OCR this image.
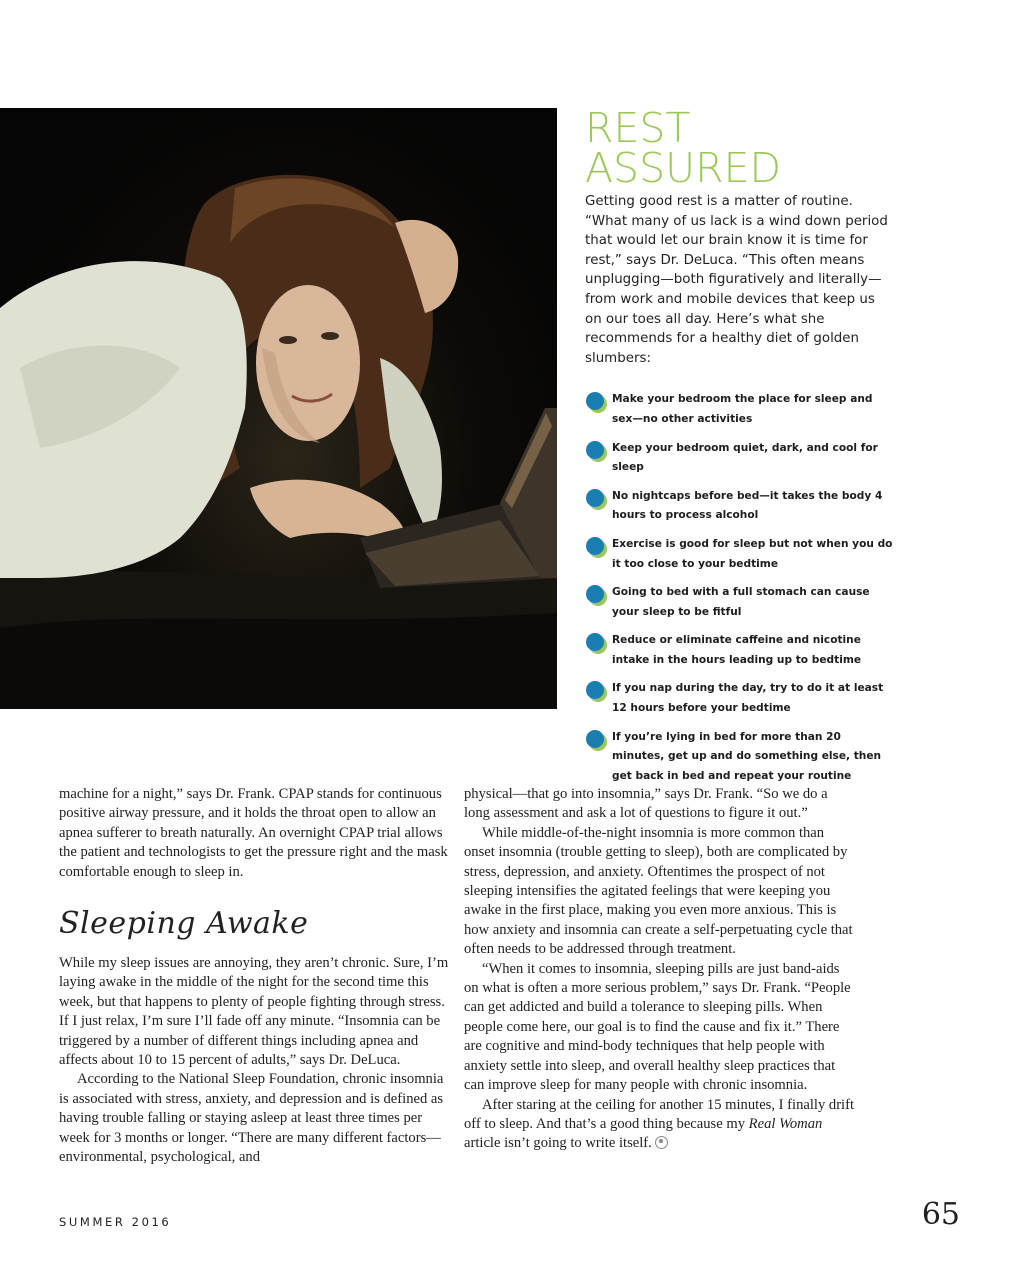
REST
ASSURED

Getting good rest is a matter of routine. “What many of us lack is a wind down period that would let our brain know it is time for rest,” says Dr. DeLuca. “This often means unplugging—both figuratively and literally—from work and mobile devices that keep us on our toes all day. Here’s what she recommends for a healthy diet of golden slumbers:

Make your bedroom the place for sleep and sex—no other activities
Keep your bedroom quiet, dark, and cool for sleep
No nightcaps before bed—it takes the body 4 hours to process alcohol
Exercise is good for sleep but not when you do it too close to your bedtime
Going to bed with a full stomach can cause your sleep to be fitful
Reduce or eliminate caffeine and nicotine intake in the hours leading up to bedtime
If you nap during the day, try to do it at least 12 hours before your bedtime
If you’re lying in bed for more than 20 minutes, get up and do something else, then get back in bed and repeat your routine

machine for a night,” says Dr. Frank. CPAP stands for continuous positive airway pressure, and it holds the throat open to allow an apnea sufferer to breath naturally. An overnight CPAP trial allows the patient and technologists to get the pressure right and the mask comfortable enough to sleep in.

Sleeping Awake

While my sleep issues are annoying, they aren’t chronic. Sure, I’m laying awake in the middle of the night for the second time this week, but that happens to plenty of people fighting through stress. If I just relax, I’m sure I’ll fade off any minute. “Insomnia can be triggered by a number of different things including apnea and affects about 10 to 15 percent of adults,” says Dr. DeLuca.

According to the National Sleep Foundation, chronic insomnia is associated with stress, anxiety, and depression and is defined as having trouble falling or staying asleep at least three times per week for 3 months or longer. “There are many different factors—environmental, psychological, and

physical—that go into insomnia,” says Dr. Frank. “So we do a long assessment and ask a lot of questions to figure it out.”

While middle-of-the-night insomnia is more common than onset insomnia (trouble getting to sleep), both are complicated by stress, depression, and anxiety. Oftentimes the prospect of not sleeping intensifies the agitated feelings that were keeping you awake in the first place, making you even more anxious. This is how anxiety and insomnia can create a self-perpetuating cycle that often needs to be addressed through treatment.

“When it comes to insomnia, sleeping pills are just band-aids on what is often a more serious problem,” says Dr. Frank. “People can get addicted and build a tolerance to sleeping pills. When people come here, our goal is to find the cause and fix it.” There are cognitive and mind-body techniques that help people with anxiety settle into sleep, and overall healthy sleep practices that can improve sleep for many people with chronic insomnia.

After staring at the ceiling for another 15 minutes, I finally drift off to sleep. And that’s a good thing because my Real Woman article isn’t going to write itself.

SUMMER 2016	65
